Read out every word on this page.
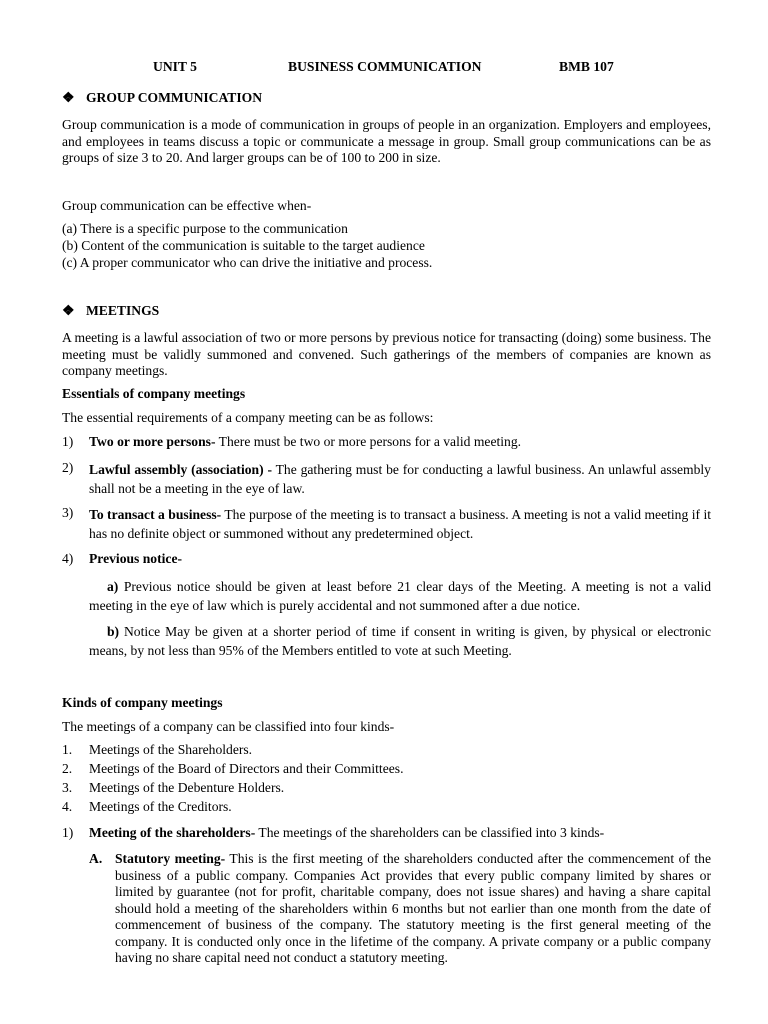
UNIT 5	BUSINESS COMMUNICATION	BMB 107
❖ GROUP COMMUNICATION
Group communication is a mode of communication in groups of people in an organization. Employers and employees, and employees in teams discuss a topic or communicate a message in group. Small group communications can be as groups of size 3 to 20. And larger groups can be of 100 to 200 in size.
Group communication can be effective when-
(a) There is a specific purpose to the communication
(b) Content of the communication is suitable to the target audience
(c) A proper communicator who can drive the initiative and process.
❖ MEETINGS
A meeting is a lawful association of two or more persons by previous notice for transacting (doing) some business. The meeting must be validly summoned and convened. Such gatherings of the members of companies are known as company meetings.
Essentials of company meetings
The essential requirements of a company meeting can be as follows:
1) Two or more persons- There must be two or more persons for a valid meeting.
2) Lawful assembly (association) - The gathering must be for conducting a lawful business. An unlawful assembly shall not be a meeting in the eye of law.
3) To transact a business- The purpose of the meeting is to transact a business. A meeting is not a valid meeting if it has no definite object or summoned without any predetermined object.
4) Previous notice-
a) Previous notice should be given at least before 21 clear days of the Meeting. A meeting is not a valid meeting in the eye of law which is purely accidental and not summoned after a due notice.
b) Notice May be given at a shorter period of time if consent in writing is given, by physical or electronic means, by not less than 95% of the Members entitled to vote at such Meeting.
Kinds of company meetings
The meetings of a company can be classified into four kinds-
1. Meetings of the Shareholders.
2. Meetings of the Board of Directors and their Committees.
3. Meetings of the Debenture Holders.
4. Meetings of the Creditors.
1) Meeting of the shareholders- The meetings of the shareholders can be classified into 3 kinds-
A. Statutory meeting- This is the first meeting of the shareholders conducted after the commencement of the business of a public company. Companies Act provides that every public company limited by shares or limited by guarantee (not for profit, charitable company, does not issue shares) and having a share capital should hold a meeting of the shareholders within 6 months but not earlier than one month from the date of commencement of business of the company. The statutory meeting is the first general meeting of the company. It is conducted only once in the lifetime of the company. A private company or a public company having no share capital need not conduct a statutory meeting.
